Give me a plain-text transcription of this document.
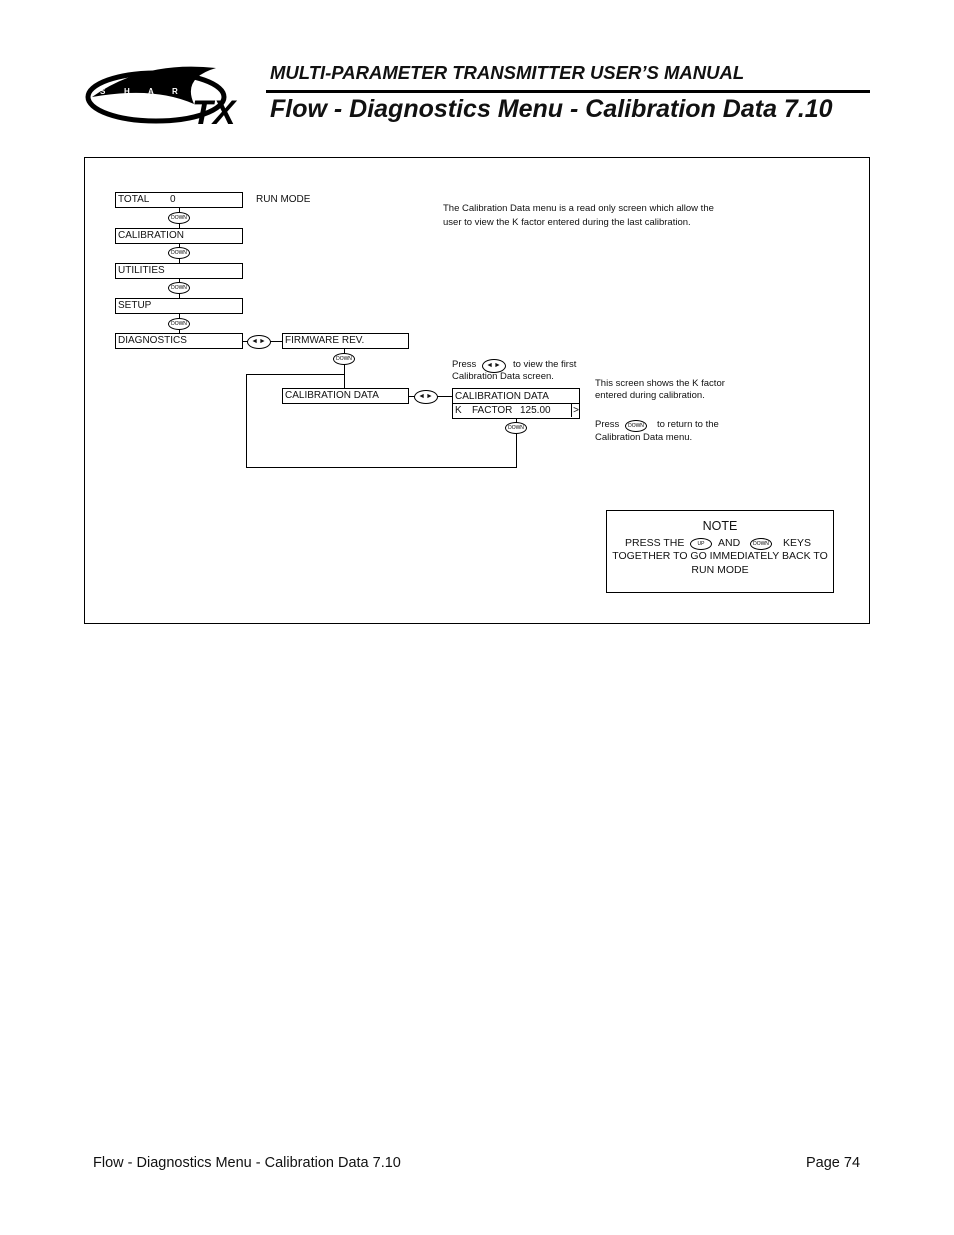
S H A R K
TX
MULTI-PARAMETER TRANSMITTER USER’S MANUAL
Flow - Diagnostics Menu - Calibration Data 7.10
TOTAL 0
DOWN
CALIBRATION
DOWN
UTILITIES
DOWN
SETUP
DOWN
DIAGNOSTICS	◄►	FIRMWARE REV.
RUN MODE
DOWN
DOWN
CALIBRATION DATA	◄►	CALIBRATION DATA
K FACTOR 125.00 >
The Calibration Data menu is a read only screen which allow the
user to view the K factor entered during the last calibration.
Press	◄►	to view the first
Calibration Data screen.
This screen shows the K factor
entered during calibration.
Press	DOWN	to return to the
Calibration Data menu.
NOTE
PRESS THE	UP	AND	DOWN KEYS
TOGETHER TO GO IMMEDIATELY BACK TO
RUN MODE
Flow - Diagnostics Menu - Calibration Data 7.10	Page 74
